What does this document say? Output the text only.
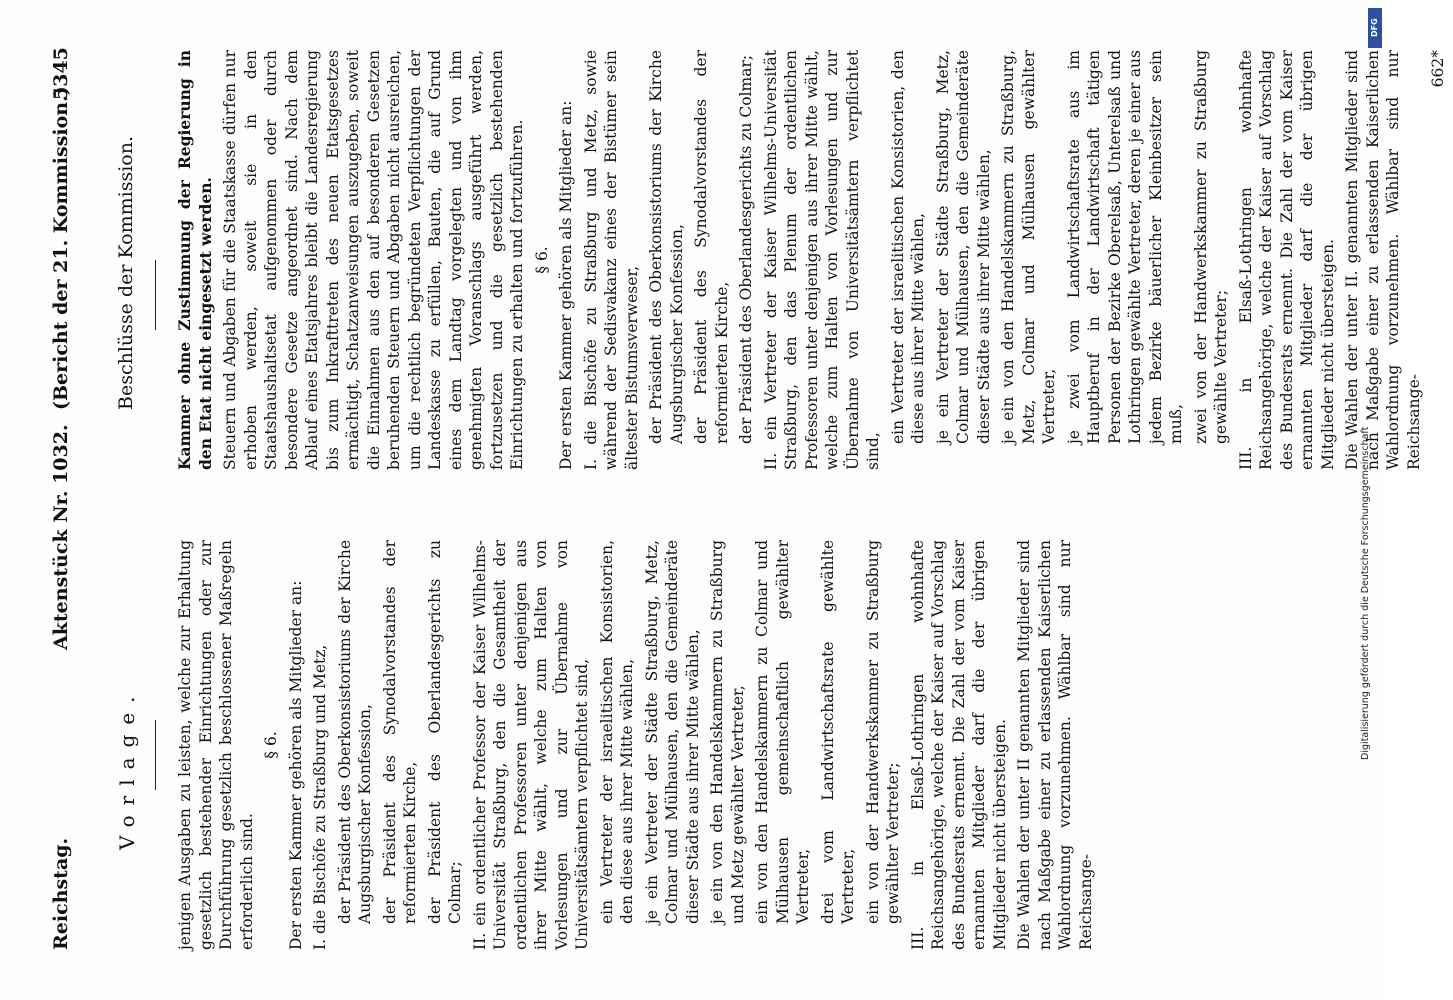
Reichstag.
Aktenstück Nr. 1032.
(Bericht der 21. Kommission.)
5345
Vorlage. jenigen Ausgaben zu leisten, welche zur Erhaltung gesetzlich bestehender Einrichtungen oder zur Durchführung gesetzlich beschlossener Maßregeln erforderlich sind.

§ 6. Der ersten Kammer gehören als Mitglieder an: I. die Bischöfe zu Straßburg und Metz, der Präsident des Oberkonsistoriums der Kirche Augsburgischer Konfession, der Präsident des Synodalvorstandes der reformierten Kirche, der Präsident des Oberlandesgerichts zu Colmar; II. ein ordentlicher Professor der Kaiser Wilhelms-Universität Straßburg, den die Gesamtheit der ordentlichen Professoren unter denjenigen aus ihrer Mitte wählt, welche zum Halten von Vorlesungen und zur Übernahme von Universitätsämtern verpflichtet sind, ein Vertreter der israelitischen Konsistorien, den diese aus ihrer Mitte wählen, je ein Vertreter der Städte Straßburg, Metz, Colmar und Mülhausen, den die Gemeinderäte dieser Städte aus ihrer Mitte wählen, je ein von den Handelskammern zu Straßburg und Metz gewählter Vertreter, ein von den Handelskammern zu Colmar und Mülhausen gemeinschaftlich gewählter Vertreter, drei vom Landwirtschaftsrate gewählte Vertreter, ein von der Handwerkskammer zu Straßburg gewählter Vertreter; III. in Elsaß-Lothringen wohnhafte Reichsangehörige, welche der Kaiser auf Vorschlag des Bundesrats ernennt. Die Zahl der vom Kaiser ernannten Mitglieder darf die der übrigen Mitglieder nicht übersteigen. Die Wahlen der unter II genannten Mitglieder sind nach Maßgabe einer zu erlassenden Kaiserlichen Wahlordnung vorzunehmen. Wählbar sind nur Reichsange-

Beschlüsse der Kommission. Kammer ohne Zustimmung der Regierung in den Etat nicht eingesetzt werden. Steuern und Abgaben für die Staatskasse dürfen nur erhoben werden, soweit sie in den Staatshaushaltsetat aufgenommen oder durch besondere Gesetze angeordnet sind. Nach dem Ablauf eines Etatsjahres bleibt die Landesregierung bis zum Inkrafttreten des neuen Etatsgesetzes ermächtigt, Schatzanweisungen auszugeben, soweit die Einnahmen aus den auf besonderen Gesetzen beruhenden Steuern und Abgaben nicht ausreichen, um die rechtlich begründeten Verpflichtungen der Landeskasse zu erfüllen, Bauten, die auf Grund eines dem Landtag vorgelegten und von ihm genehmigten Voranschlags ausgeführt werden, fortzusetzen und die gesetzlich bestehenden Einrichtungen zu erhalten und fortzuführen. § 6. Der ersten Kammer gehören als Mitglieder an: I. die Bischöfe zu Straßburg und Metz, sowie während der Sedisvakanz eines der Bistümer sein ältester Bistumsverweser, der Präsident des Oberkonsistoriums der Kirche Augsburgischer Konfession, der Präsident des Synodalvorstandes der reformierten Kirche, der Präsident des Oberlandesgerichts zu Colmar; II. ein Vertreter der Kaiser Wilhelms-Universität Straßburg, den das Plenum der ordentlichen Professoren unter denjenigen aus ihrer Mitte wählt, welche zum Halten von Vorlesungen und zur Übernahme von Universitätsämtern verpflichtet sind,

ein Vertreter der israelitischen Konsistorien, den diese aus ihrer Mitte wählen, je ein Vertreter der Städte Straßburg, Metz, Colmar und Mülhausen, den die Gemeinderäte dieser Städte aus ihrer Mitte wählen, je ein von den Handelskammern zu Straßburg, Metz, Colmar und Mülhausen gewählter Vertreter, je zwei vom Landwirtschaftsrate aus im Hauptberuf in der Landwirtschaft tätigen Personen der Bezirke Oberelsaß, Unterelsaß und Lothringen gewählte Vertreter, deren je einer aus jedem Bezirke bäuerlicher Kleinbesitzer sein muß, zwei von der Handwerkskammer zu Straßburg gewählte Vertreter; III. in Elsaß-Lothringen wohnhafte Reichsangehörige, welche der Kaiser auf Vorschlag des Bundesrats ernennt. Die Zahl der vom Kaiser ernannten Mitglieder darf die der übrigen Mitglieder nicht übersteigen. Die Wahlen der unter II. genannten Mitglieder sind nach Maßgabe einer zu erlassenden Kaiserlichen Wahlordnung vorzunehmen. Wählbar sind nur Reichsange-

662*

DFG
Digitalisierung gefördert durch die Deutsche Forschungsgemeinschaft
